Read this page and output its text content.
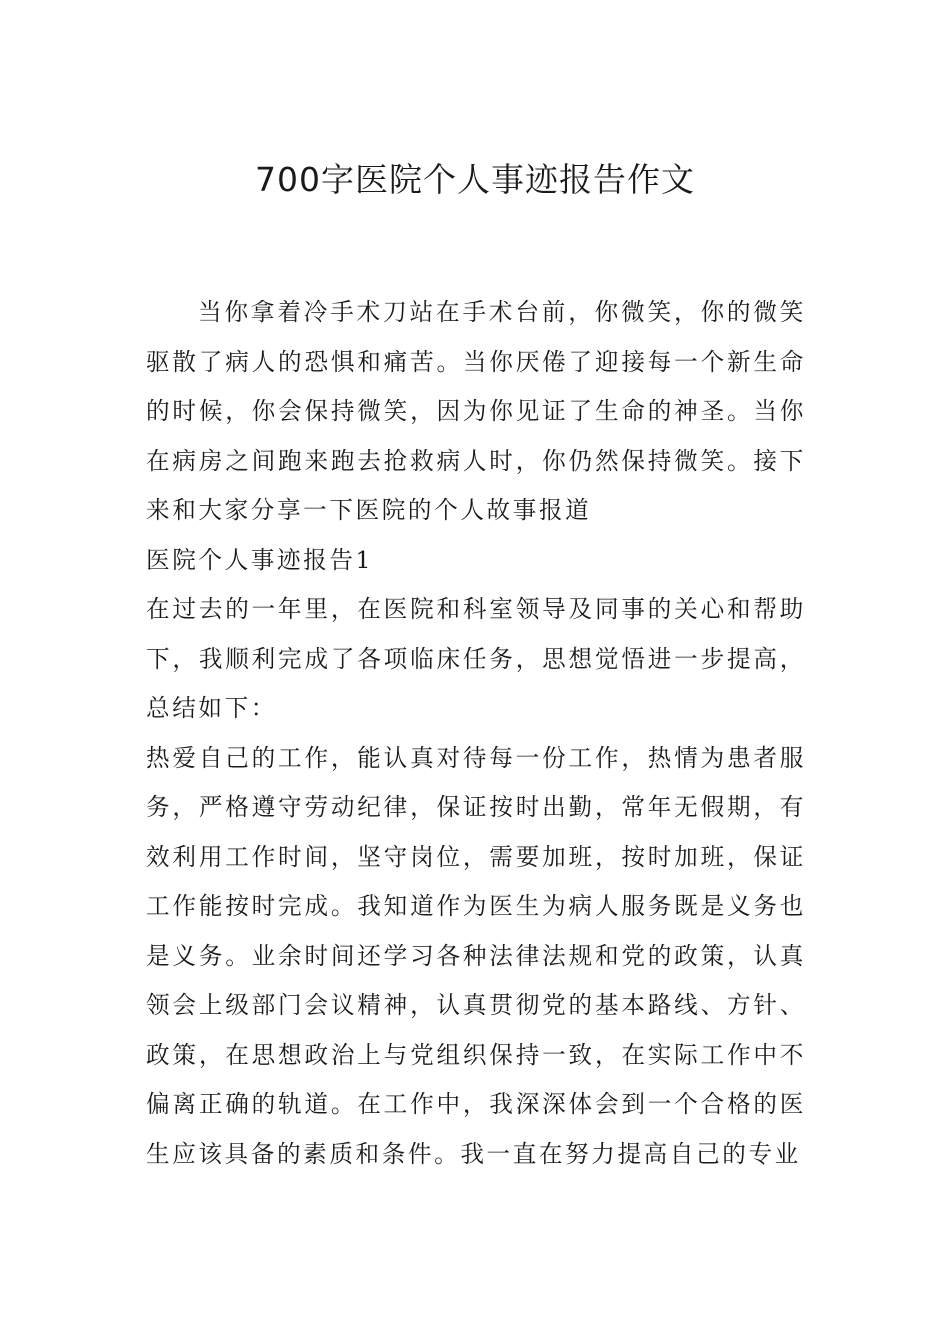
700字医院个人事迹报告作文

当你拿着冷手术刀站在手术台前，你微笑，你的微笑驱散了病人的恐惧和痛苦。当你厌倦了迎接每一个新生命的时候，你会保持微笑，因为你见证了生命的神圣。当你在病房之间跑来跑去抢救病人时，你仍然保持微笑。接下来和大家分享一下医院的个人故事报道

医院个人事迹报告1

在过去的一年里，在医院和科室领导及同事的关心和帮助下，我顺利完成了各项临床任务，思想觉悟进一步提高，总结如下：

热爱自己的工作，能认真对待每一份工作，热情为患者服务，严格遵守劳动纪律，保证按时出勤，常年无假期，有效利用工作时间，坚守岗位，需要加班，按时加班，保证工作能按时完成。我知道作为医生为病人服务既是义务也是义务。业余时间还学习各种法律法规和党的政策，认真领会上级部门会议精神，认真贯彻党的基本路线、方针、政策，在思想政治上与党组织保持一致，在实际工作中不偏离正确的轨道。在工作中，我深深体会到一个合格的医生应该具备的素质和条件。我一直在努力提高自己的专业
